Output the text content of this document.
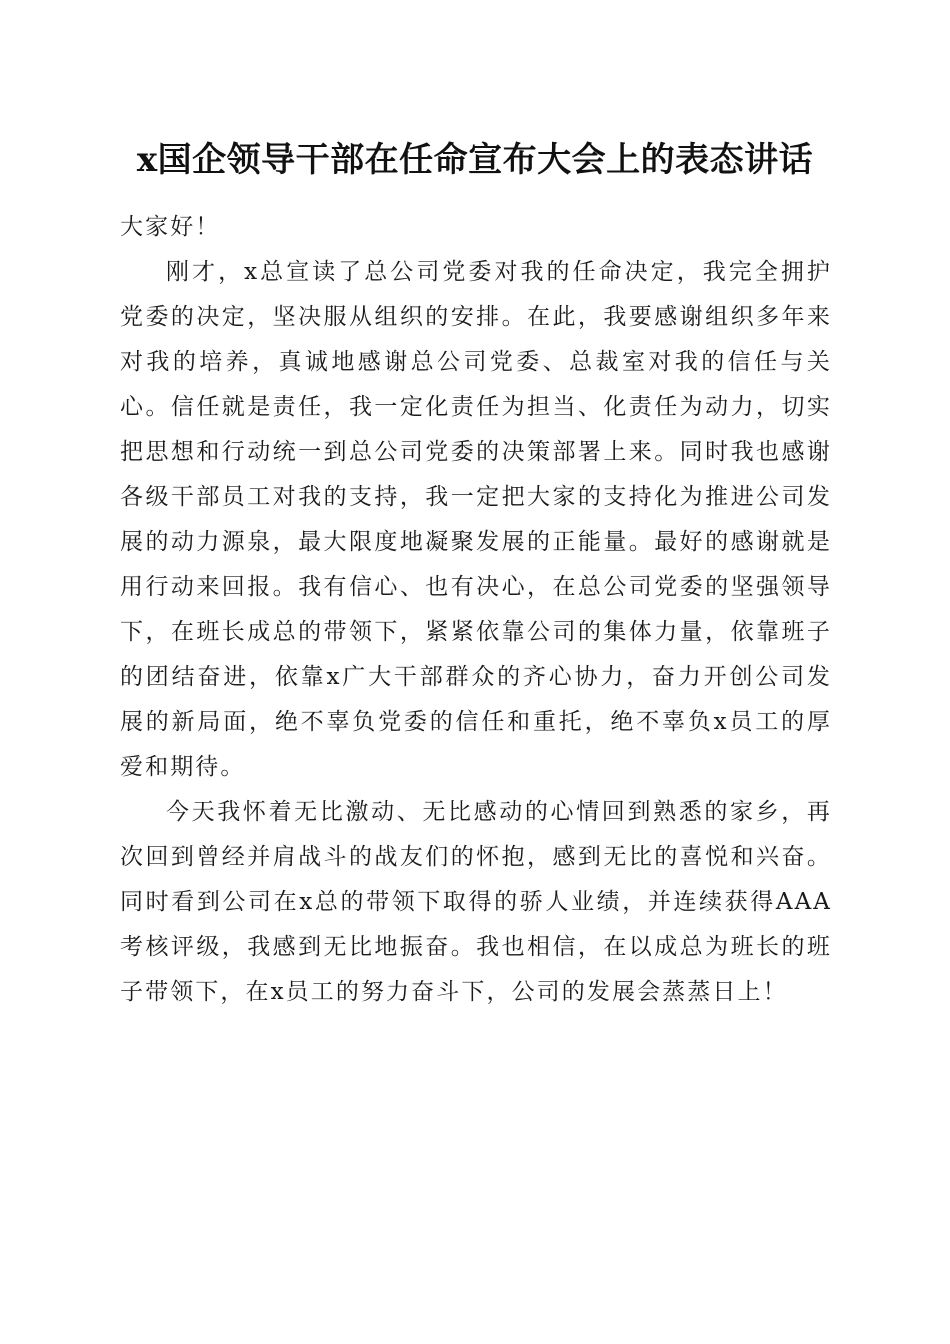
x国企领导干部在任命宣布大会上的表态讲话

大家好！

刚才，x总宣读了总公司党委对我的任命决定，我完全拥护党委的决定，坚决服从组织的安排。在此，我要感谢组织多年来对我的培养，真诚地感谢总公司党委、总裁室对我的信任与关心。信任就是责任，我一定化责任为担当、化责任为动力，切实把思想和行动统一到总公司党委的决策部署上来。同时我也感谢各级干部员工对我的支持，我一定把大家的支持化为推进公司发展的动力源泉，最大限度地凝聚发展的正能量。最好的感谢就是用行动来回报。我有信心、也有决心，在总公司党委的坚强领导下，在班长成总的带领下，紧紧依靠公司的集体力量，依靠班子的团结奋进，依靠x广大干部群众的齐心协力，奋力开创公司发展的新局面，绝不辜负党委的信任和重托，绝不辜负x员工的厚爱和期待。

今天我怀着无比激动、无比感动的心情回到熟悉的家乡，再次回到曾经并肩战斗的战友们的怀抱，感到无比的喜悦和兴奋。同时看到公司在x总的带领下取得的骄人业绩，并连续获得AAA考核评级，我感到无比地振奋。我也相信，在以成总为班长的班子带领下，在x员工的努力奋斗下，公司的发展会蒸蒸日上！
